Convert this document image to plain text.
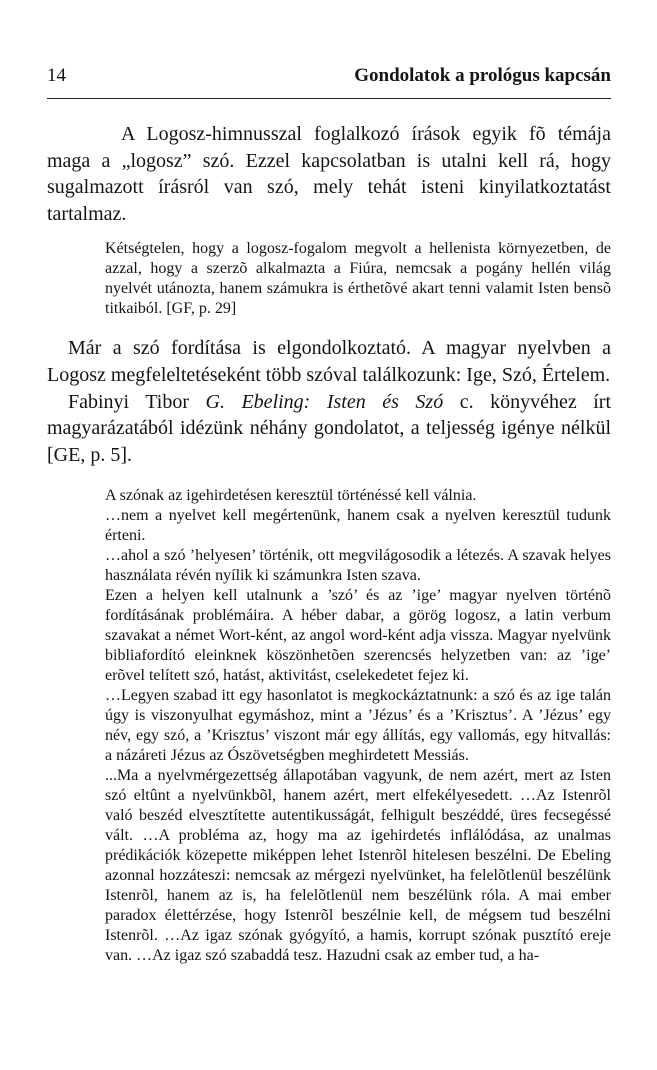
14	Gondolatok a prológus kapcsán

A Logosz-himnusszal foglalkozó írások egyik fõ témája maga a „logosz” szó. Ezzel kapcsolatban is utalni kell rá, hogy sugalmazott írásról van szó, mely tehát isteni kinyilatkoztatást tartalmaz.

Kétségtelen, hogy a logosz-fogalom megvolt a hellenista környezetben, de azzal, hogy a szerzõ alkalmazta a Fiúra, nemcsak a pogány hellén világ nyelvét utánozta, hanem számukra is érthetõvé akart tenni valamit Isten bensõ titkaiból. [GF, p. 29]

Már a szó fordítása is elgondolkoztató. A magyar nyelvben a Logosz megfeleltetéseként több szóval találkozunk: Ige, Szó, Értelem.

Fabinyi Tibor G. Ebeling: Isten és Szó c. könyvéhez írt magyarázatából idézünk néhány gondolatot, a teljesség igénye nélkül [GE, p. 5].

A szónak az igehirdetésen keresztül történéssé kell válnia.

…nem a nyelvet kell megértenünk, hanem csak a nyelven keresztül tudunk érteni.

…ahol a szó ’helyesen’ történik, ott megvilágosodik a létezés. A szavak helyes használata révén nyílik ki számunkra Isten szava.

Ezen a helyen kell utalnunk a ’szó’ és az ’ige’ magyar nyelven történõ fordításának problémáira. A héber dabar, a görög logosz, a latin verbum szavakat a német Wort-ként, az angol word-ként adja vissza. Magyar nyelvünk bibliafordító eleinknek köszönhetõen szerencsés helyzetben van: az ’ige’ erõvel telített szó, hatást, aktivitást, cselekedetet fejez ki.

…Legyen szabad itt egy hasonlatot is megkockáztatnunk: a szó és az ige talán úgy is viszonyulhat egymáshoz, mint a ’Jézus’ és a ’Krisztus’. A ’Jézus’ egy név, egy szó, a ’Krisztus’ viszont már egy állítás, egy vallomás, egy hitvallás: a názáreti Jézus az Ószövetségben meghirdetett Messiás.

...Ma a nyelvmérgezettség állapotában vagyunk, de nem azért, mert az Isten szó eltûnt a nyelvünkbõl, hanem azért, mert elfekélyesedett. …Az Istenrõl való beszéd elvesztítette autentikusságát, felhigult beszéddé, üres fecsegéssé vált. …A probléma az, hogy ma az igehirdetés inflálódása, az unalmas prédikációk közepette miképpen lehet Istenrõl hitelesen beszélni. De Ebeling azonnal hozzáteszi: nemcsak az mérgezi nyelvünket, ha felelõtlenül beszélünk Istenrõl, hanem az is, ha felelõtlenül nem beszélünk róla. A mai ember paradox élettérzése, hogy Istenrõl beszélnie kell, de mégsem tud beszélni Istenrõl. …Az igaz szónak gyógyító, a hamis, korrupt szónak pusztító ereje van. …Az igaz szó szabaddá tesz. Hazudni csak az ember tud, a ha-
